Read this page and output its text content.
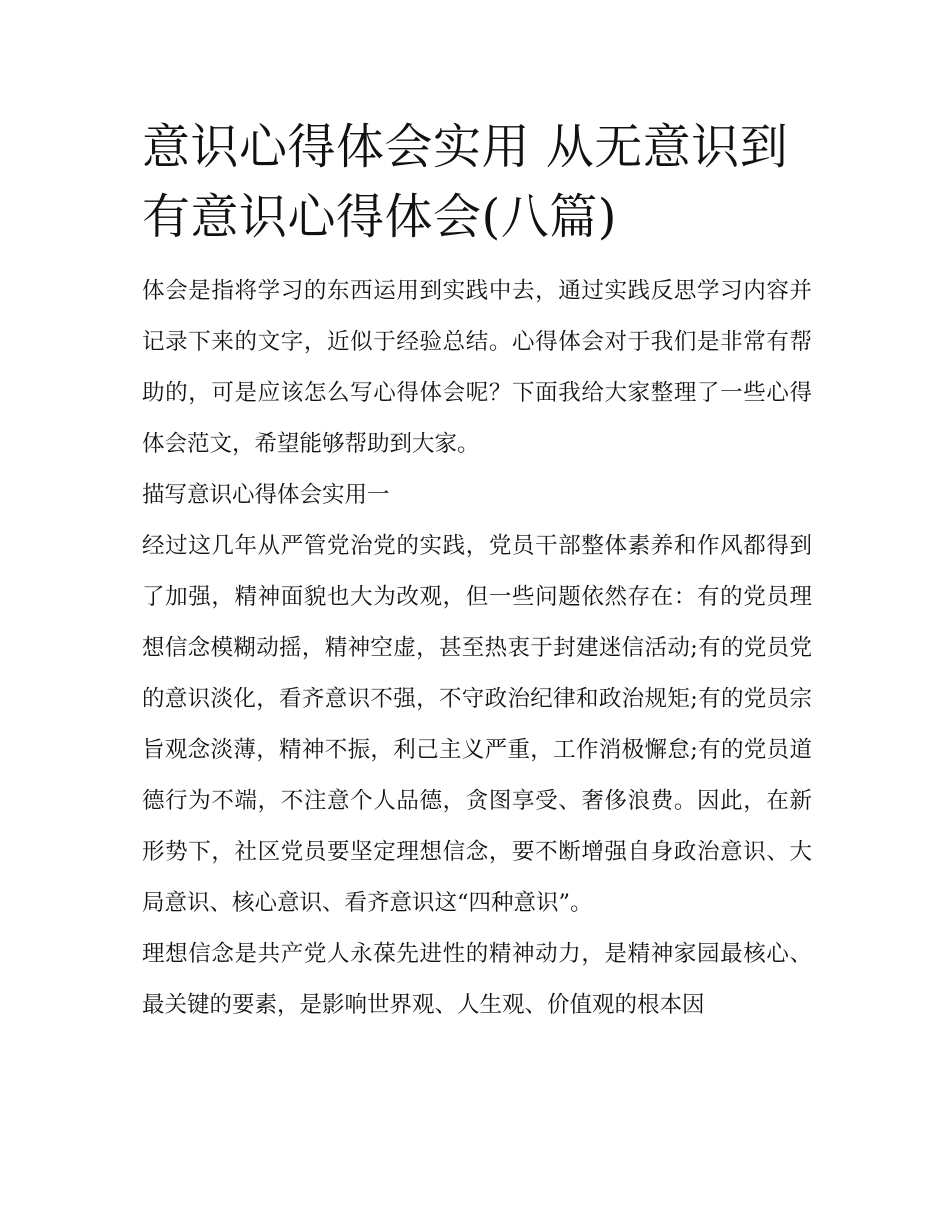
意识心得体会实用 从无意识到有意识心得体会(八篇)

体会是指将学习的东西运用到实践中去，通过实践反思学习内容并记录下来的文字，近似于经验总结。心得体会对于我们是非常有帮助的，可是应该怎么写心得体会呢？下面我给大家整理了一些心得体会范文，希望能够帮助到大家。

描写意识心得体会实用一

经过这几年从严管党治党的实践，党员干部整体素养和作风都得到了加强，精神面貌也大为改观，但一些问题依然存在：有的党员理想信念模糊动摇，精神空虚，甚至热衷于封建迷信活动;有的党员党的意识淡化，看齐意识不强，不守政治纪律和政治规矩;有的党员宗旨观念淡薄，精神不振，利己主义严重，工作消极懈怠;有的党员道德行为不端，不注意个人品德，贪图享受、奢侈浪费。因此，在新形势下，社区党员要坚定理想信念，要不断增强自身政治意识、大局意识、核心意识、看齐意识这“四种意识”。

理想信念是共产党人永葆先进性的精神动力，是精神家园最核心、最关键的要素，是影响世界观、人生观、价值观的根本因
